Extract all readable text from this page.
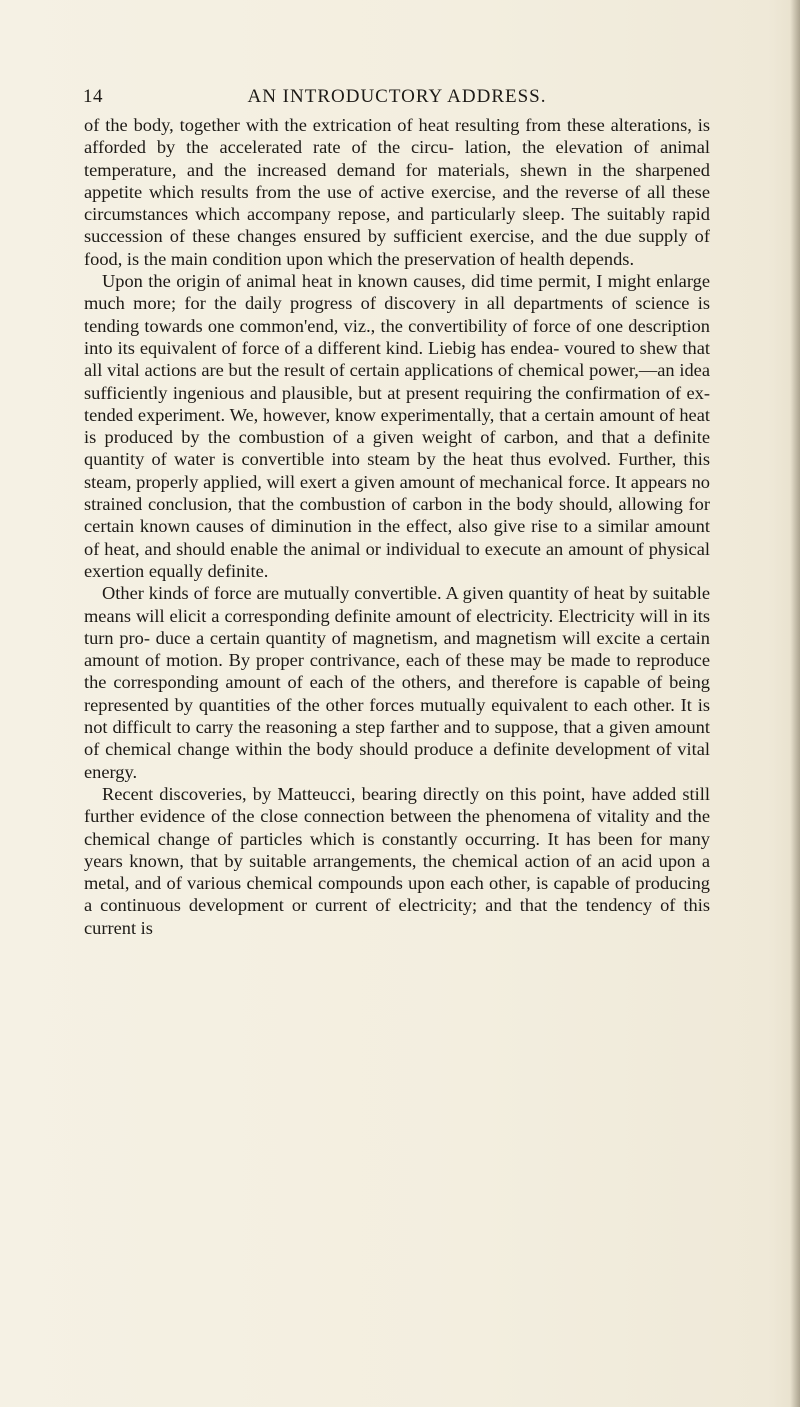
14	AN INTRODUCTORY ADDRESS.

of the body, together with the extrication of heat resulting from these alterations, is afforded by the accelerated rate of the circu- lation, the elevation of animal temperature, and the increased demand for materials, shewn in the sharpened appetite which results from the use of active exercise, and the reverse of all these circumstances which accompany repose, and particularly sleep. The suitably rapid succession of these changes ensured by sufficient exercise, and the due supply of food, is the main condition upon which the preservation of health depends.

Upon the origin of animal heat in known causes, did time permit, I might enlarge much more; for the daily progress of discovery in all departments of science is tending towards one common'end, viz., the convertibility of force of one description into its equivalent of force of a different kind. Liebig has endea- voured to shew that all vital actions are but the result of certain applications of chemical power,—an idea sufficiently ingenious and plausible, but at present requiring the confirmation of ex- tended experiment. We, however, know experimentally, that a certain amount of heat is produced by the combustion of a given weight of carbon, and that a definite quantity of water is convertible into steam by the heat thus evolved. Further, this steam, properly applied, will exert a given amount of mechanical force. It appears no strained conclusion, that the combustion of carbon in the body should, allowing for certain known causes of diminution in the effect, also give rise to a similar amount of heat, and should enable the animal or individual to execute an amount of physical exertion equally definite.

Other kinds of force are mutually convertible. A given quantity of heat by suitable means will elicit a corresponding definite amount of electricity. Electricity will in its turn pro- duce a certain quantity of magnetism, and magnetism will excite a certain amount of motion. By proper contrivance, each of these may be made to reproduce the corresponding amount of each of the others, and therefore is capable of being represented by quantities of the other forces mutually equivalent to each other. It is not difficult to carry the reasoning a step farther and to suppose, that a given amount of chemical change within the body should produce a definite development of vital energy.

Recent discoveries, by Matteucci, bearing directly on this point, have added still further evidence of the close connection between the phenomena of vitality and the chemical change of particles which is constantly occurring. It has been for many years known, that by suitable arrangements, the chemical action of an acid upon a metal, and of various chemical compounds upon each other, is capable of producing a continuous development or current of electricity; and that the tendency of this current is
